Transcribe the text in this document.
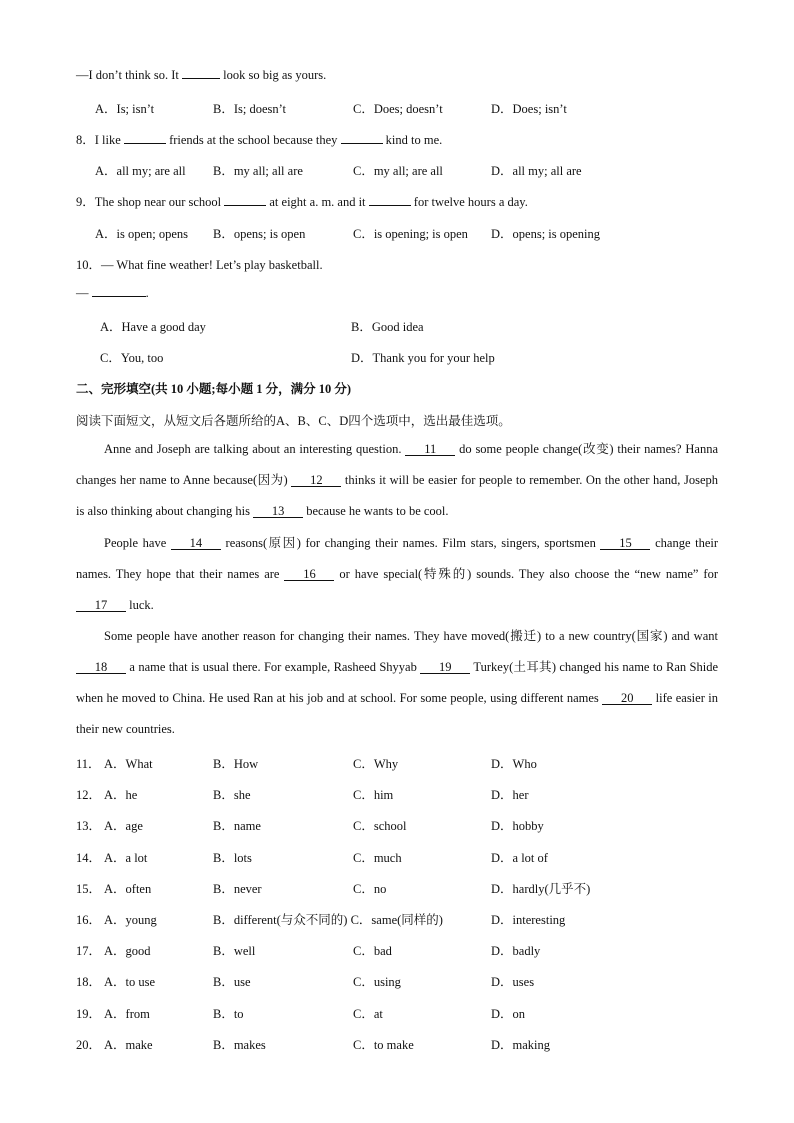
—I don’t think so. It	look so big as yours.
A．Is; isn’t	B．Is; doesn’t	C．Does; doesn’t	D．Does; isn’t
8．I like	friends at the school because they	kind to me.
A．all my; are all B．my all; all are	C．my all; are all	D．all my; all are
9．The shop near our school	at eight a. m. and it	for twelve hours a day.
A．is open; opens B．opens; is open	C．is opening; is open D．opens; is opening
10．— What fine weather! Let’s play basketball.
—	.
A．Have a good day	B．Good idea
C．You, too	D．Thank you for your help
二、完形填空(共 10 小题;每小题 1 分，满分 10 分)
阅读下面短文，从短文后各题所给的A、B、C、D四个选项中，选出最佳选项。
Anne and Joseph are talking about an interesting question. 11 do some people change(改变) their names? Hanna changes her name to Anne because(因为) 12 thinks it will be easier for people to remember. On the other hand, Joseph is also thinking about changing his 13 because he wants to be cool.
People have 14 reasons(原因) for changing their names. Film stars, singers, sportsmen 15 change their names. They hope that their names are 16 or have special(特殊的) sounds. They also choose the “new name” for 17 luck.
Some people have another reason for changing their names. They have moved(搬迁) to a new country(国家) and want 18 a name that is usual there. For example, Rasheed Shyyab 19 Turkey(土耳其) changed his name to Ran Shide when he moved to China. He used Ran at his job and at school. For some people, using different names 20 life easier in their new countries.
11． A．What	B．How	C．Why	D．Who
12． A．he	B．she	C．him	D．her
13． A．age	B．name	C．school	D．hobby
14． A．a lot	B．lots	C．much	D．a lot of
15． A．often	B．never	C．no	D．hardly(几乎不)
16． A．young	B．different(与众不同的) C．same(同样的)	D．interesting
17． A．good	B．well	C．bad	D．badly
18． A．to use	B．use	C．using	D．uses
19． A．from	B．to	C．at	D．on
20． A．make	B．makes	C．to make	D．making
